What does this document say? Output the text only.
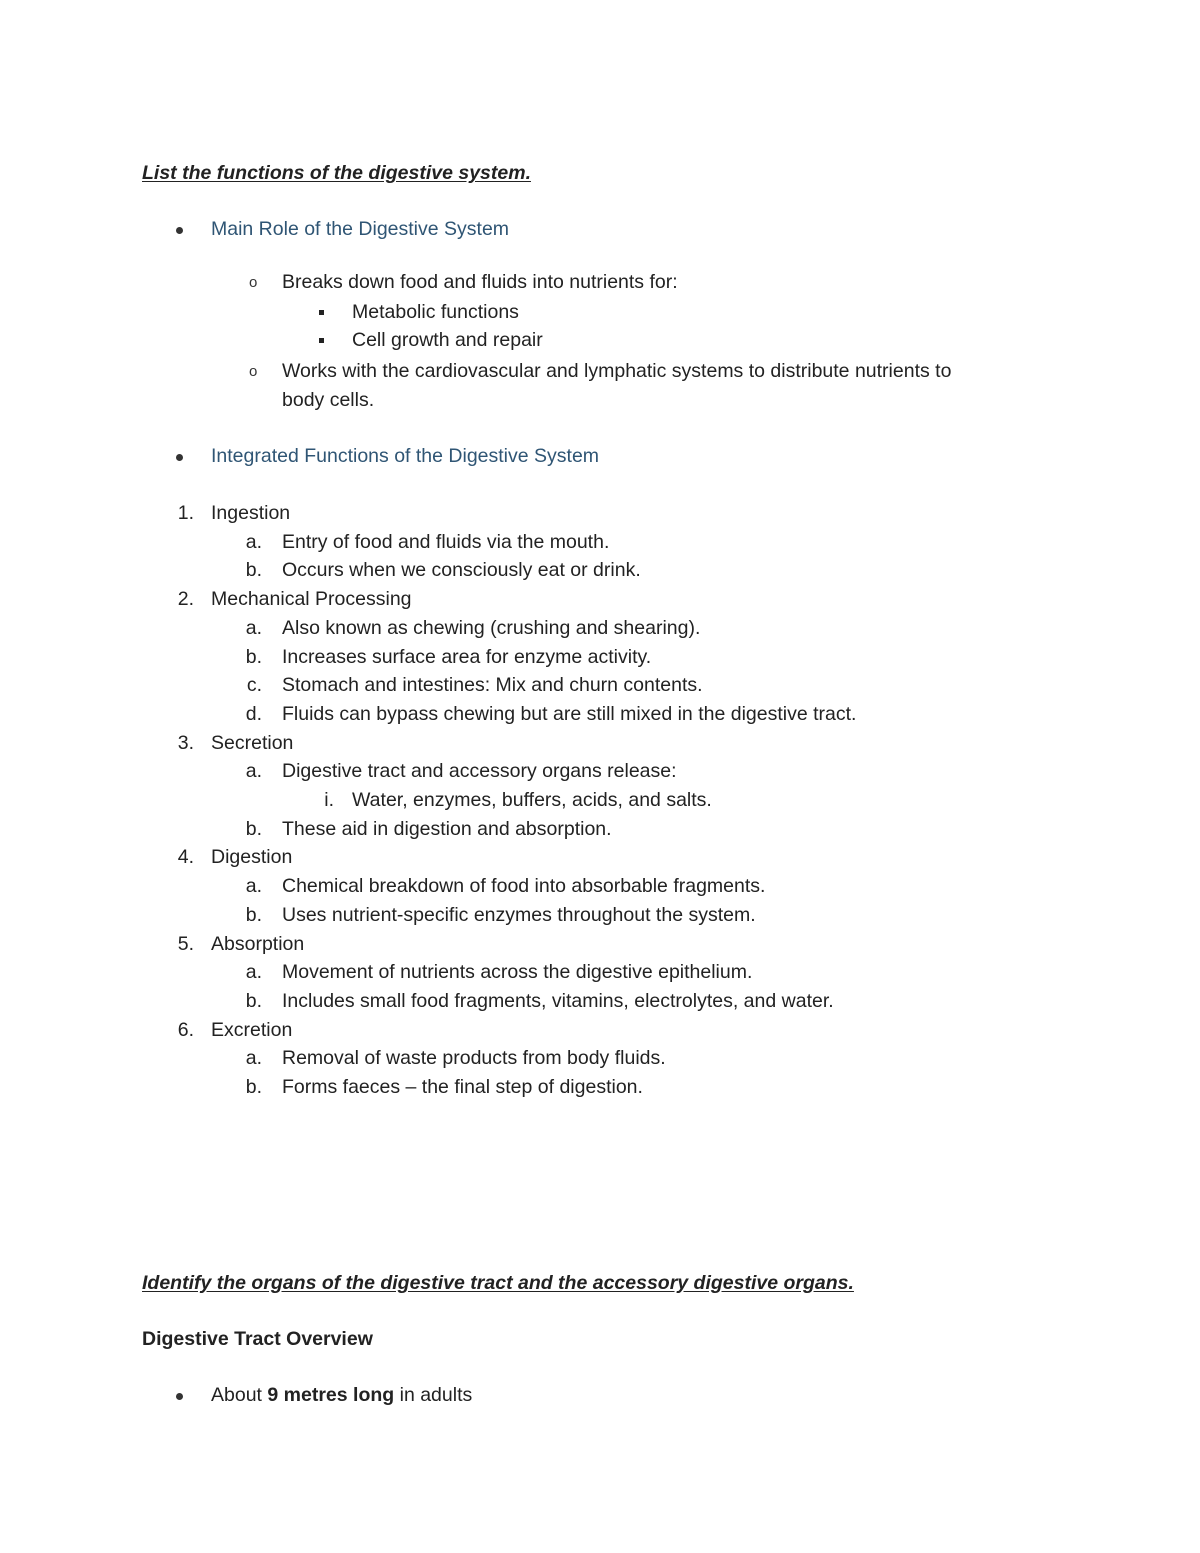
List the functions of the digestive system.
Main Role of the Digestive System
o Breaks down food and fluids into nutrients for:
Metabolic functions
Cell growth and repair
o Works with the cardiovascular and lymphatic systems to distribute nutrients to
body cells.
Integrated Functions of the Digestive System
1. Ingestion
a. Entry of food and fluids via the mouth.
b. Occurs when we consciously eat or drink.
2. Mechanical Processing
a. Also known as chewing (crushing and shearing).
b. Increases surface area for enzyme activity.
c. Stomach and intestines: Mix and churn contents.
d. Fluids can bypass chewing but are still mixed in the digestive tract.
3. Secretion
a. Digestive tract and accessory organs release:
i. Water, enzymes, buffers, acids, and salts.
b. These aid in digestion and absorption.
4. Digestion
a. Chemical breakdown of food into absorbable fragments.
b. Uses nutrient-specific enzymes throughout the system.
5. Absorption
a. Movement of nutrients across the digestive epithelium.
b. Includes small food fragments, vitamins, electrolytes, and water.
6. Excretion
a. Removal of waste products from body fluids.
b. Forms faeces – the final step of digestion.
Identify the organs of the digestive tract and the accessory digestive organs.
Digestive Tract Overview
About 9 metres long in adults
